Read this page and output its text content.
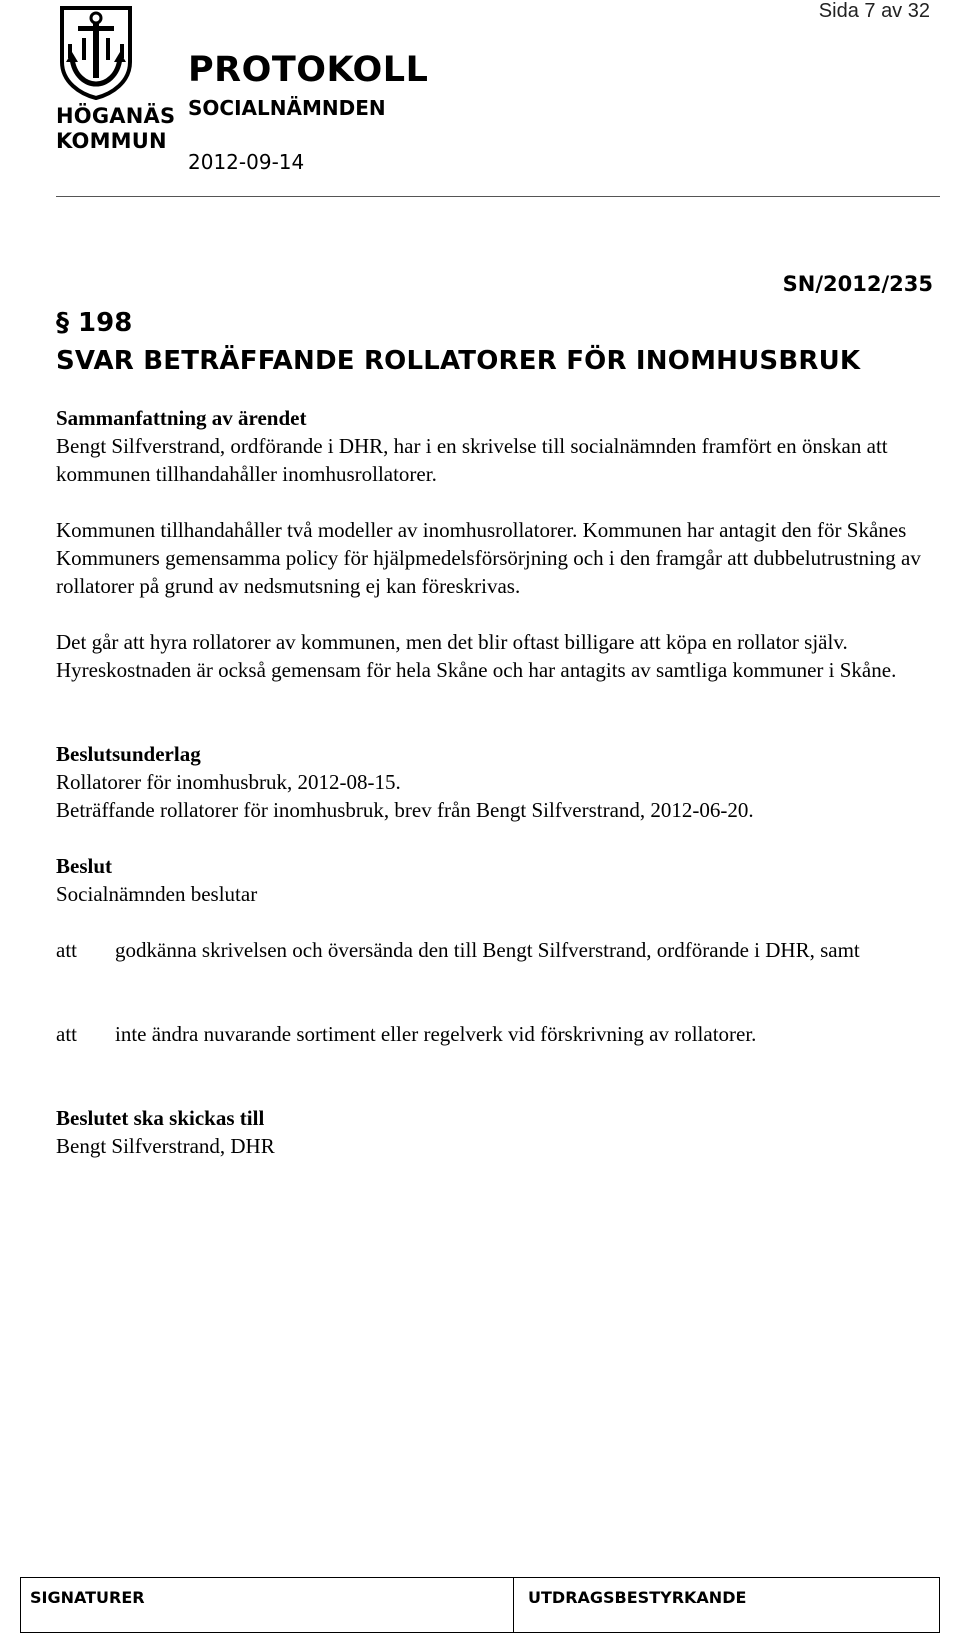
Sida 7 av 32
HÖGANÄS
KOMMUN
PROTOKOLL
SOCIALNÄMNDEN
2012-09-14
SN/2012/235
§ 198
SVAR BETRÄFFANDE ROLLATORER FÖR INOMHUSBRUK
Sammanfattning av ärendet

Bengt Silfverstrand, ordförande i DHR, har i en skrivelse till socialnämnden framfört en önskan att kommunen tillhandahåller inomhusrollatorer.

Kommunen tillhandahåller två modeller av inomhusrollatorer. Kommunen har antagit den för Skånes Kommuners gemensamma policy för hjälpmedelsförsörjning och i den framgår att dubbelutrustning av rollatorer på grund av nedsmutsning ej kan föreskrivas.
Det går att hyra rollatorer av kommunen, men det blir oftast billigare att köpa en rollator själv. Hyreskostnaden är också gemensam för hela Skåne och har antagits av samtliga kommuner i Skåne.
Beslutsunderlag
Rollatorer för inomhusbruk, 2012-08-15.
Beträffande rollatorer för inomhusbruk, brev från Bengt Silfverstrand, 2012-06-20.
Beslut
Socialnämnden beslutar
att godkänna skrivelsen och översända den till Bengt Silfverstrand, ordförande i DHR, samt
att inte ändra nuvarande sortiment eller regelverk vid förskrivning av rollatorer.
Beslutet ska skickas till
Bengt Silfverstrand, DHR
SIGNATURER	UTDRAGSBESTYRKANDE
